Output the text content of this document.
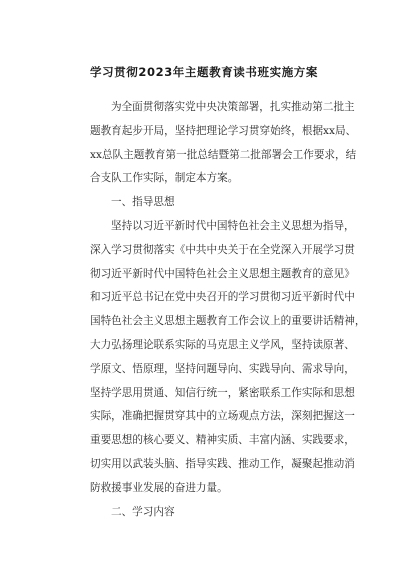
学习贯彻2023年主题教育读书班实施方案
为全面贯彻落实党中央决策部署，扎实推动第二批主
题教育起步开局，坚持把理论学习贯穿始终，根据xx局、
xx总队主题教育第一批总结暨第二批部署会工作要求，结
合支队工作实际，制定本方案。
一、指导思想
坚持以习近平新时代中国特色社会主义思想为指导，
深入学习贯彻落实《中共中央关于在全党深入开展学习贯
彻习近平新时代中国特色社会主义思想主题教育的意见》
和习近平总书记在党中央召开的学习贯彻习近平新时代中
国特色社会主义思想主题教育工作会议上的重要讲话精神，
大力弘扬理论联系实际的马克思主义学风，坚持读原著、
学原文、悟原理，坚持问题导向、实践导向、需求导向，
坚持学思用贯通、知信行统一，紧密联系工作实际和思想
实际，准确把握贯穿其中的立场观点方法，深刻把握这一
重要思想的核心要义、精神实质、丰富内涵、实践要求，
切实用以武装头脑、指导实践、推动工作，凝聚起推动消
防救援事业发展的奋进力量。
二、学习内容
